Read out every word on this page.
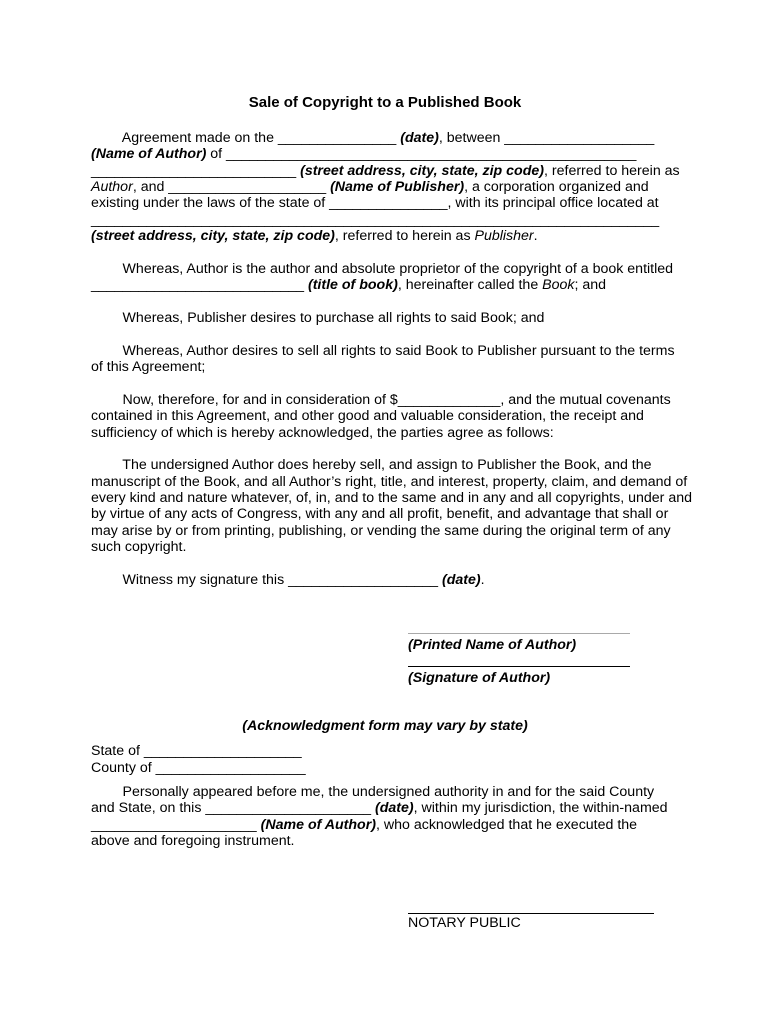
Sale of Copyright to a Published Book
Agreement made on the _______________ (date), between ___________________
(Name of Author) of ____________________________________________________
__________________________ (street address, city, state, zip code), referred to herein as
Author, and ____________________ (Name of Publisher), a corporation organized and
existing under the laws of the state of _______________, with its principal office located at
________________________________________________________________________
(street address, city, state, zip code), referred to herein as Publisher.
Whereas, Author is the author and absolute proprietor of the copyright of a book entitled
___________________________ (title of book), hereinafter called the Book; and
Whereas, Publisher desires to purchase all rights to said Book; and
Whereas, Author desires to sell all rights to said Book to Publisher pursuant to the terms
of this Agreement;
Now, therefore, for and in consideration of $_____________, and the mutual covenants
contained in this Agreement, and other good and valuable consideration, the receipt and
sufficiency of which is hereby acknowledged, the parties agree as follows:
The undersigned Author does hereby sell, and assign to Publisher the Book, and the
manuscript of the Book, and all Author’s right, title, and interest, property, claim, and demand of
every kind and nature whatever, of, in, and to the same and in any and all copyrights, under and
by virtue of any acts of Congress, with any and all profit, benefit, and advantage that shall or
may arise by or from printing, publishing, or vending the same during the original term of any
such copyright.
Witness my signature this ___________________ (date).
(Printed Name of Author)
(Signature of Author)
(Acknowledgment form may vary by state)
State of ____________________
County of ___________________
Personally appeared before me, the undersigned authority in and for the said County
and State, on this _____________________ (date), within my jurisdiction, the within-named
_____________________ (Name of Author), who acknowledged that he executed the
above and foregoing instrument.
NOTARY PUBLIC
